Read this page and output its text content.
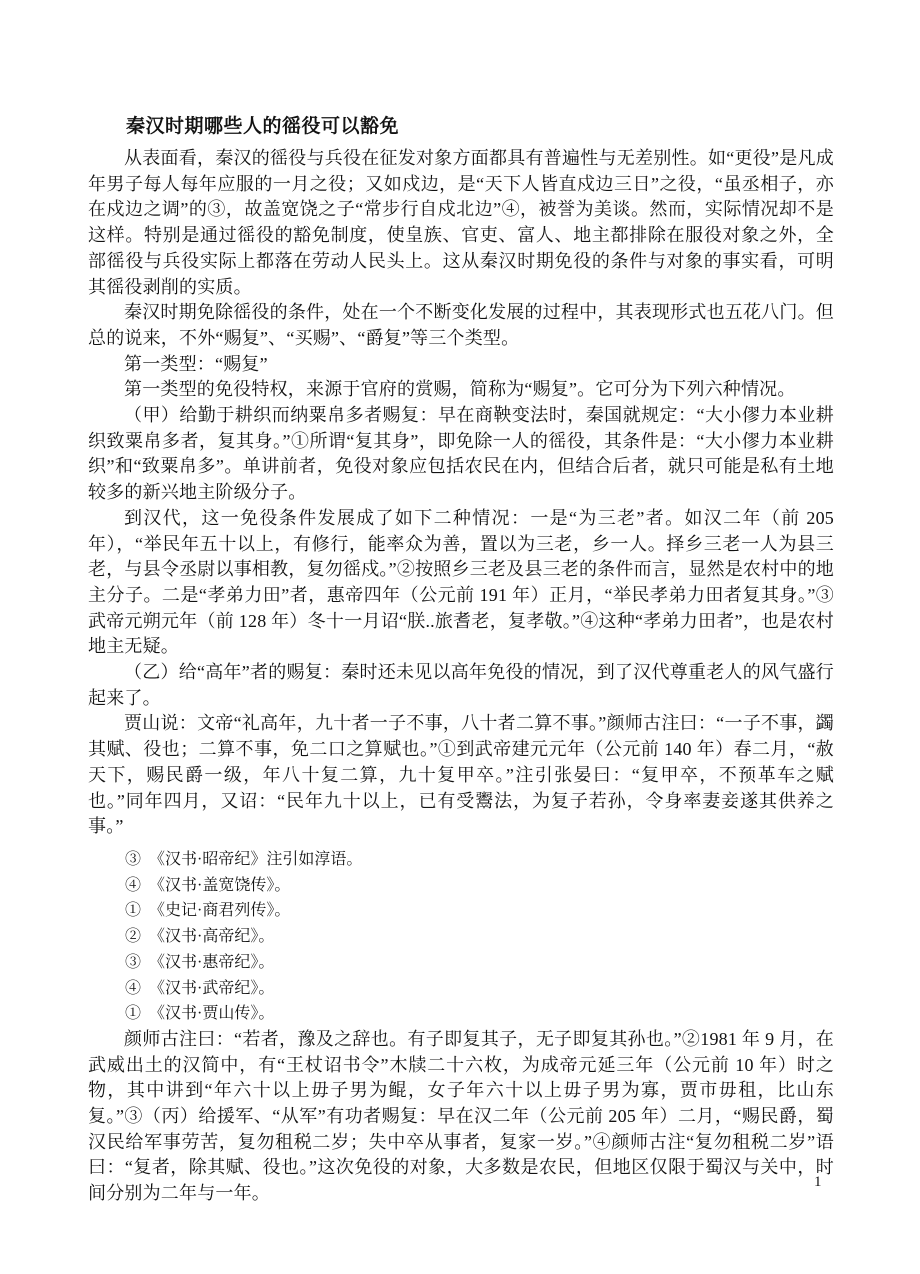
秦汉时期哪些人的徭役可以豁免

从表面看，秦汉的徭役与兵役在征发对象方面都具有普遍性与无差别性。如“更役”是凡成年男子每人每年应服的一月之役；又如戍边，是“天下人皆直戍边三日”之役，“虽丞相子，亦在戍边之调”的③，故盖宽饶之子“常步行自戍北边”④，被誉为美谈。然而，实际情况却不是这样。特别是通过徭役的豁免制度，使皇族、官吏、富人、地主都排除在服役对象之外，全部徭役与兵役实际上都落在劳动人民头上。这从秦汉时期免役的条件与对象的事实看，可明其徭役剥削的实质。

秦汉时期免除徭役的条件，处在一个不断变化发展的过程中，其表现形式也五花八门。但总的说来，不外“赐复”、“买赐”、“爵复”等三个类型。

第一类型：“赐复”

第一类型的免役特权，来源于官府的赏赐，简称为“赐复”。它可分为下列六种情况。

（甲）给勤于耕织而纳粟帛多者赐复：早在商鞅变法时，秦国就规定：“大小僇力本业耕织致粟帛多者，复其身。”①所谓“复其身”，即免除一人的徭役，其条件是：“大小僇力本业耕织”和“致粟帛多”。单讲前者，免役对象应包括农民在内，但结合后者，就只可能是私有土地较多的新兴地主阶级分子。

到汉代，这一免役条件发展成了如下二种情况：一是“为三老”者。如汉二年（前 205 年），“举民年五十以上，有修行，能率众为善，置以为三老，乡一人。择乡三老一人为县三老，与县令丞尉以事相教，复勿徭戍。”②按照乡三老及县三老的条件而言，显然是农村中的地主分子。二是“孝弟力田”者，惠帝四年（公元前 191 年）正月，“举民孝弟力田者复其身。”③武帝元朔元年（前 128 年）冬十一月诏“朕..旅耆老，复孝敬。”④这种“孝弟力田者”，也是农村地主无疑。

（乙）给“高年”者的赐复：秦时还未见以高年免役的情况，到了汉代尊重老人的风气盛行起来了。

贾山说：文帝“礼高年，九十者一子不事，八十者二算不事。”颜师古注曰：“一子不事，蠲其赋、役也；二算不事，免二口之算赋也。”①到武帝建元元年（公元前 140 年）春二月，“赦天下，赐民爵一级，年八十复二算，九十复甲卒。”注引张晏曰：“复甲卒，不预革车之赋也。”同年四月，又诏：“民年九十以上，已有受鬻法，为复子若孙，令身率妻妾遂其供养之事。”

③　《汉书·昭帝纪》注引如淳语。

④　《汉书·盖宽饶传》。

①　《史记·商君列传》。

②　《汉书·高帝纪》。

③　《汉书·惠帝纪》。

④　《汉书·武帝纪》。

①　《汉书·贾山传》。

颜师古注曰：“若者，豫及之辞也。有子即复其子，无子即复其孙也。”②1981 年 9 月，在武威出土的汉简中，有“王杖诏书令”木牍二十六枚，为成帝元延三年（公元前 10 年）时之物，其中讲到“年六十以上毋子男为鲲，女子年六十以上毋子男为寡，贾市毋租，比山东复。”③（丙）给援军、“从军”有功者赐复：早在汉二年（公元前 205 年）二月，“赐民爵，蜀汉民给军事劳苦，复勿租税二岁；失中卒从事者，复家一岁。”④颜师古注“复勿租税二岁”语曰：“复者，除其赋、役也。”这次免役的对象，大多数是农民，但地区仅限于蜀汉与关中，时间分别为二年与一年。

1
